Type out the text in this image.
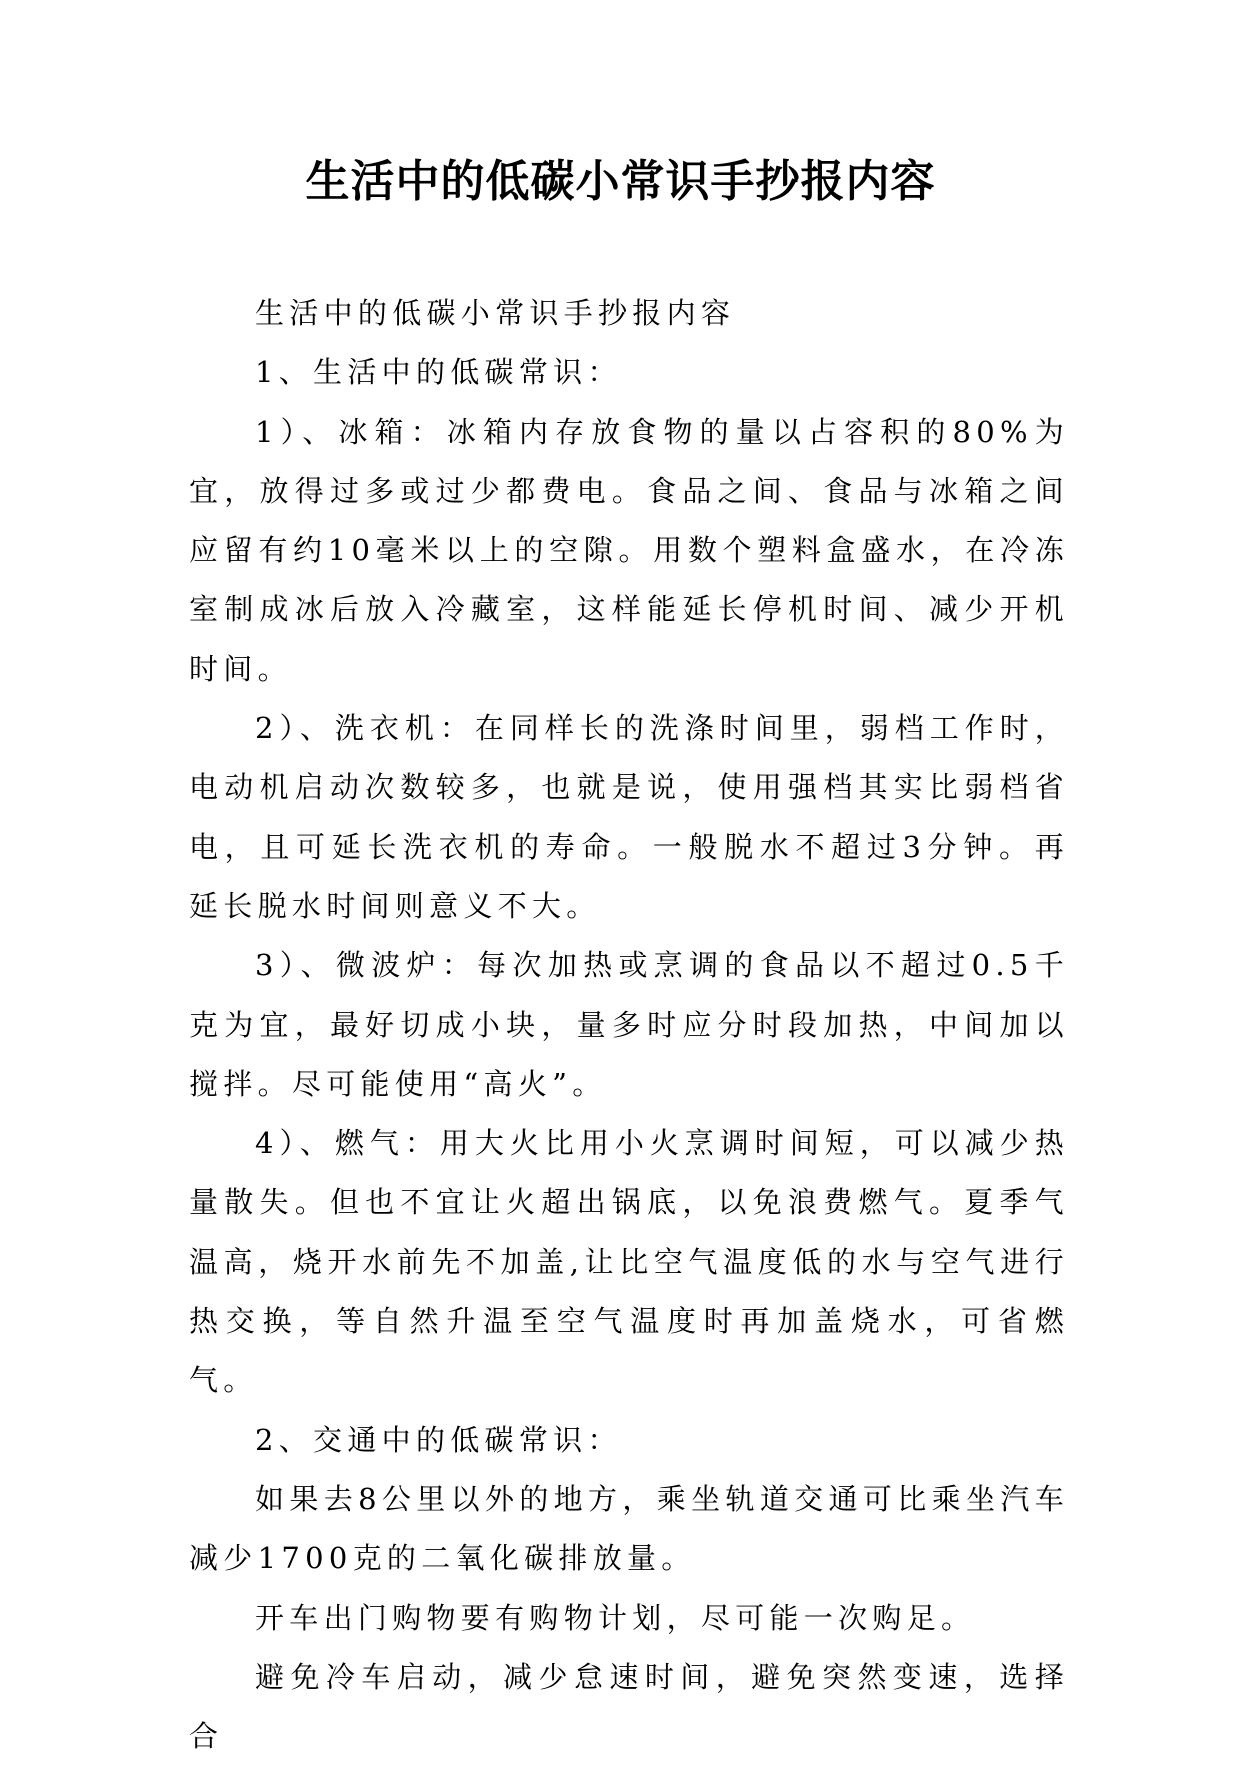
生活中的低碳小常识手抄报内容

生活中的低碳小常识手抄报内容

1、生活中的低碳常识：

1）、冰箱：冰箱内存放食物的量以占容积的80%为宜，放得过多或过少都费电。食品之间、食品与冰箱之间应留有约10毫米以上的空隙。用数个塑料盒盛水，在冷冻室制成冰后放入冷藏室，这样能延长停机时间、减少开机时间。

2）、洗衣机：在同样长的洗涤时间里，弱档工作时，电动机启动次数较多，也就是说，使用强档其实比弱档省电，且可延长洗衣机的寿命。一般脱水不超过3分钟。再延长脱水时间则意义不大。

3）、微波炉：每次加热或烹调的食品以不超过0.5千克为宜，最好切成小块，量多时应分时段加热，中间加以搅拌。尽可能使用“高火”。

4）、燃气：用大火比用小火烹调时间短，可以减少热量散失。但也不宜让火超出锅底，以免浪费燃气。夏季气温高，烧开水前先不加盖,让比空气温度低的水与空气进行热交换，等自然升温至空气温度时再加盖烧水，可省燃气。

2、交通中的低碳常识：

如果去8公里以外的地方，乘坐轨道交通可比乘坐汽车减少1700克的二氧化碳排放量。

开车出门购物要有购物计划，尽可能一次购足。

避免冷车启动，减少怠速时间，避免突然变速，选择合
